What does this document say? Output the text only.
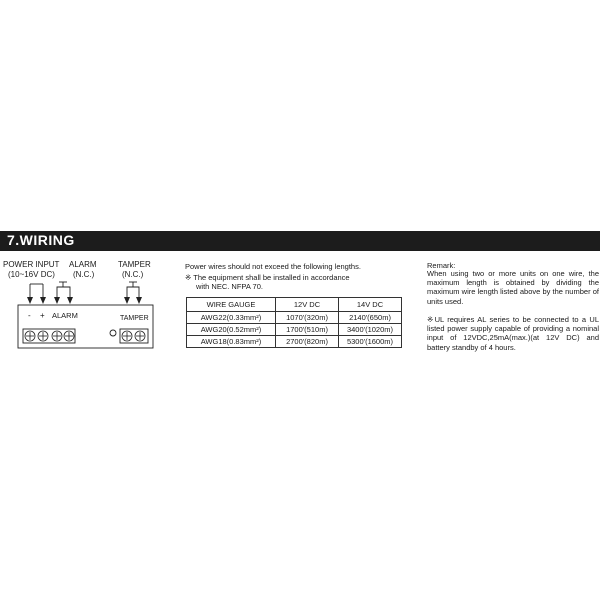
7.WIRING
POWER INPUT
(10~16V DC)
ALARM
(N.C.)
TAMPER
(N.C.)
- + ALARM	TAMPER
Power wires should not exceed the following lengths.
※ The equipment shall be installed in accordance
with NEC. NFPA 70.
WIRE GAUGE	12V DC	14V DC
AWG22(0.33mm²)	1070'(320m)	2140'(650m)
AWG20(0.52mm²)	1700'(510m)	3400'(1020m)
AWG18(0.83mm²)	2700'(820m)	5300'(1600m)
Remark:
When using two or more units on one wire, the maximum length is obtained by dividing the maximum wire length listed above by the number of units used.
※UL requires AL series to be connected to a UL listed power supply capable of providing a nominal input of 12VDC,25mA(max.)(at 12V DC) and battery standby of 4 hours.
